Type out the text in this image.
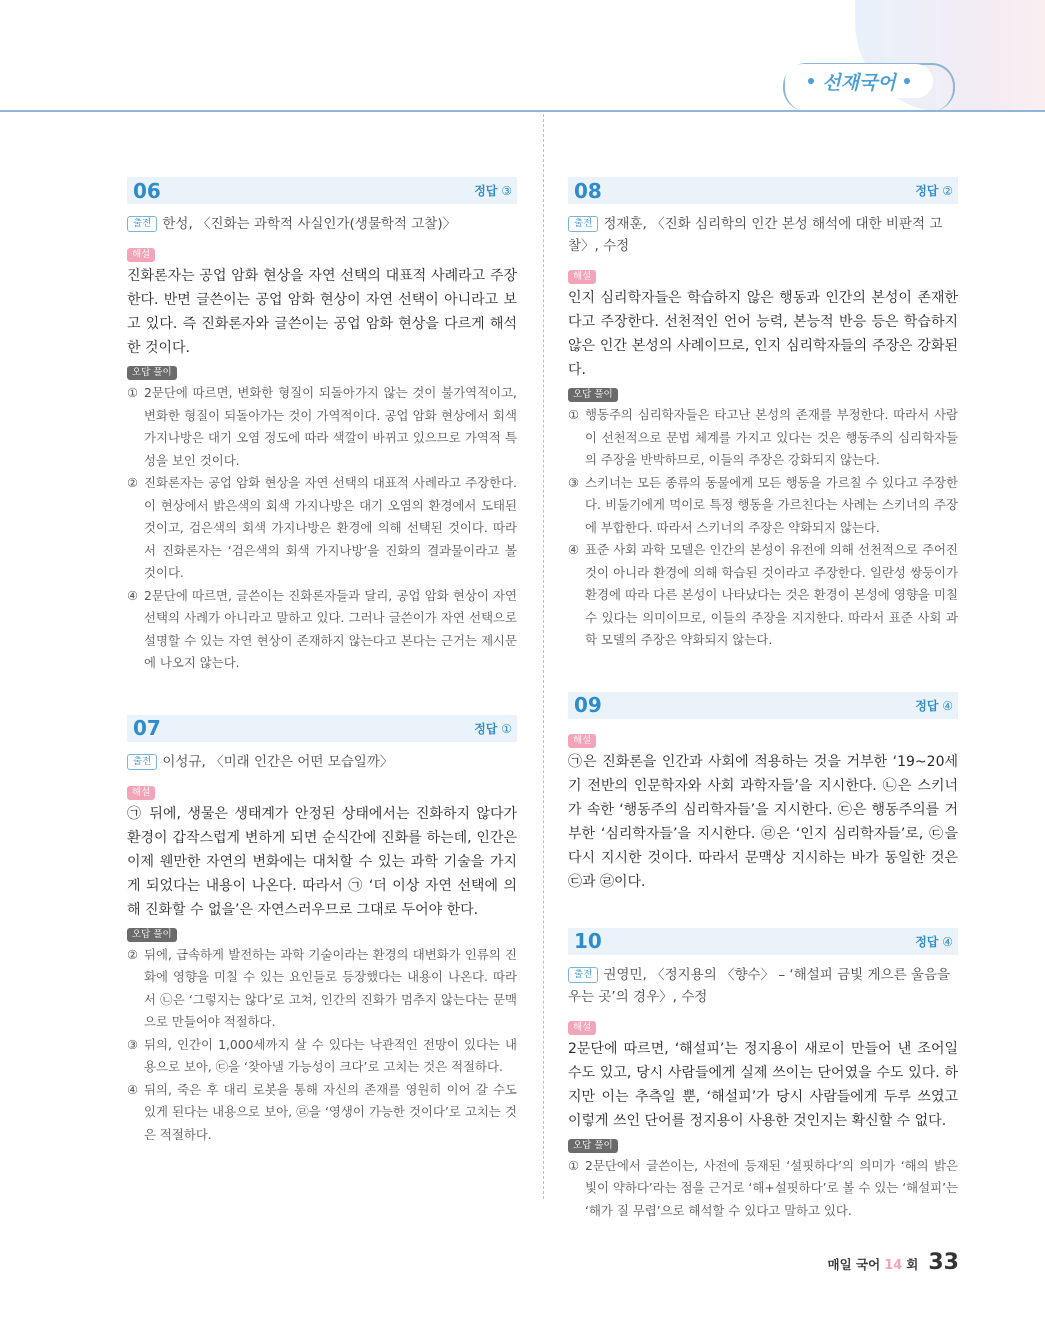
선재국어
06	정답 ③
출전 한성, 〈진화는 과학적 사실인가(생물학적 고찰)〉
해설

진화론자는 공업 암화 현상을 자연 선택의 대표적 사례라고 주장한다. 반면 글쓴이는 공업 암화 현상이 자연 선택이 아니라고 보고 있다. 즉 진화론자와 글쓴이는 공업 암화 현상을 다르게 해석한 것이다.

오답 풀이
① 2문단에 따르면, 변화한 형질이 되돌아가지 않는 것이 불가역적이고, 변화한 형질이 되돌아가는 것이 가역적이다. 공업 암화 현상에서 회색 가지나방은 대기 오염 정도에 따라 색깔이 바뀌고 있으므로 가역적 특성을 보인 것이다.
② 진화론자는 공업 암화 현상을 자연 선택의 대표적 사례라고 주장한다. 이 현상에서 밝은색의 회색 가지나방은 대기 오염의 환경에서 도태된 것이고, 검은색의 회색 가지나방은 환경에 의해 선택된 것이다. 따라서 진화론자는 ‘검은색의 회색 가지나방’을 진화의 결과물이라고 볼 것이다.
④ 2문단에 따르면, 글쓴이는 진화론자들과 달리, 공업 암화 현상이 자연 선택의 사례가 아니라고 말하고 있다. 그러나 글쓴이가 자연 선택으로 설명할 수 있는 자연 현상이 존재하지 않는다고 본다는 근거는 제시문에 나오지 않는다.
07	정답 ①
출전 이성규, 〈미래 인간은 어떤 모습일까〉
해설

㉠ 뒤에, 생물은 생태계가 안정된 상태에서는 진화하지 않다가 환경이 갑작스럽게 변하게 되면 순식간에 진화를 하는데, 인간은 이제 웬만한 자연의 변화에는 대처할 수 있는 과학 기술을 가지게 되었다는 내용이 나온다. 따라서 ㉠ ‘더 이상 자연 선택에 의해 진화할 수 없을’은 자연스러우므로 그대로 두어야 한다.

오답 풀이
② 뒤에, 급속하게 발전하는 과학 기술이라는 환경의 대변화가 인류의 진화에 영향을 미칠 수 있는 요인들로 등장했다는 내용이 나온다. 따라서 ㉡은 ‘그렇지는 않다’로 고쳐, 인간의 진화가 멈추지 않는다는 문맥으로 만들어야 적절하다.
③ 뒤의, 인간이 1,000세까지 살 수 있다는 낙관적인 전망이 있다는 내용으로 보아, ㉢을 ‘찾아낼 가능성이 크다’로 고치는 것은 적절하다.
④ 뒤의, 죽은 후 대리 로봇을 통해 자신의 존재를 영원히 이어 갈 수도 있게 된다는 내용으로 보아, ㉣을 ‘영생이 가능한 것이다’로 고치는 것은 적절하다.
08	정답 ②
출전 정재훈, 〈진화 심리학의 인간 본성 해석에 대한 비판적 고찰〉, 수정
해설

인지 심리학자들은 학습하지 않은 행동과 인간의 본성이 존재한다고 주장한다. 선천적인 언어 능력, 본능적 반응 등은 학습하지 않은 인간 본성의 사례이므로, 인지 심리학자들의 주장은 강화된다.

오답 풀이
① 행동주의 심리학자들은 타고난 본성의 존재를 부정한다. 따라서 사람이 선천적으로 문법 체계를 가지고 있다는 것은 행동주의 심리학자들의 주장을 반박하므로, 이들의 주장은 강화되지 않는다.
③ 스키너는 모든 종류의 동물에게 모든 행동을 가르칠 수 있다고 주장한다. 비둘기에게 먹이로 특정 행동을 가르친다는 사례는 스키너의 주장에 부합한다. 따라서 스키너의 주장은 약화되지 않는다.
④ 표준 사회 과학 모델은 인간의 본성이 유전에 의해 선천적으로 주어진 것이 아니라 환경에 의해 학습된 것이라고 주장한다. 일란성 쌍둥이가 환경에 따라 다른 본성이 나타났다는 것은 환경이 본성에 영향을 미칠 수 있다는 의미이므로, 이들의 주장을 지지한다. 따라서 표준 사회 과학 모델의 주장은 약화되지 않는다.
09	정답 ④
해설

㉠은 진화론을 인간과 사회에 적용하는 것을 거부한 ‘19~20세기 전반의 인문학자와 사회 과학자들’을 지시한다. ㉡은 스키너가 속한 ‘행동주의 심리학자들’을 지시한다. ㉢은 행동주의를 거부한 ‘심리학자들’을 지시한다. ㉣은 ‘인지 심리학자들’로, ㉢을 다시 지시한 것이다. 따라서 문맥상 지시하는 바가 동일한 것은 ㉢과 ㉣이다.

10	정답 ④
출전 권영민, 〈정지용의 〈향수〉 – ‘해설피 금빛 게으른 울음을 우는 곳’의 경우〉, 수정
해설

2문단에 따르면, ‘해설피’는 정지용이 새로이 만들어 낸 조어일 수도 있고, 당시 사람들에게 실제 쓰이는 단어였을 수도 있다. 하지만 이는 추측일 뿐, ‘해설피’가 당시 사람들에게 두루 쓰였고 이렇게 쓰인 단어를 정지용이 사용한 것인지는 확신할 수 없다.

오답 풀이
① 2문단에서 글쓴이는, 사전에 등재된 ‘설핏하다’의 의미가 ‘해의 밝은 빛이 약하다’라는 점을 근거로 ‘해+설핏하다’로 볼 수 있는 ‘해설피’는 ‘해가 질 무렵’으로 해석할 수 있다고 말하고 있다.
매일 국어 14 회 33
